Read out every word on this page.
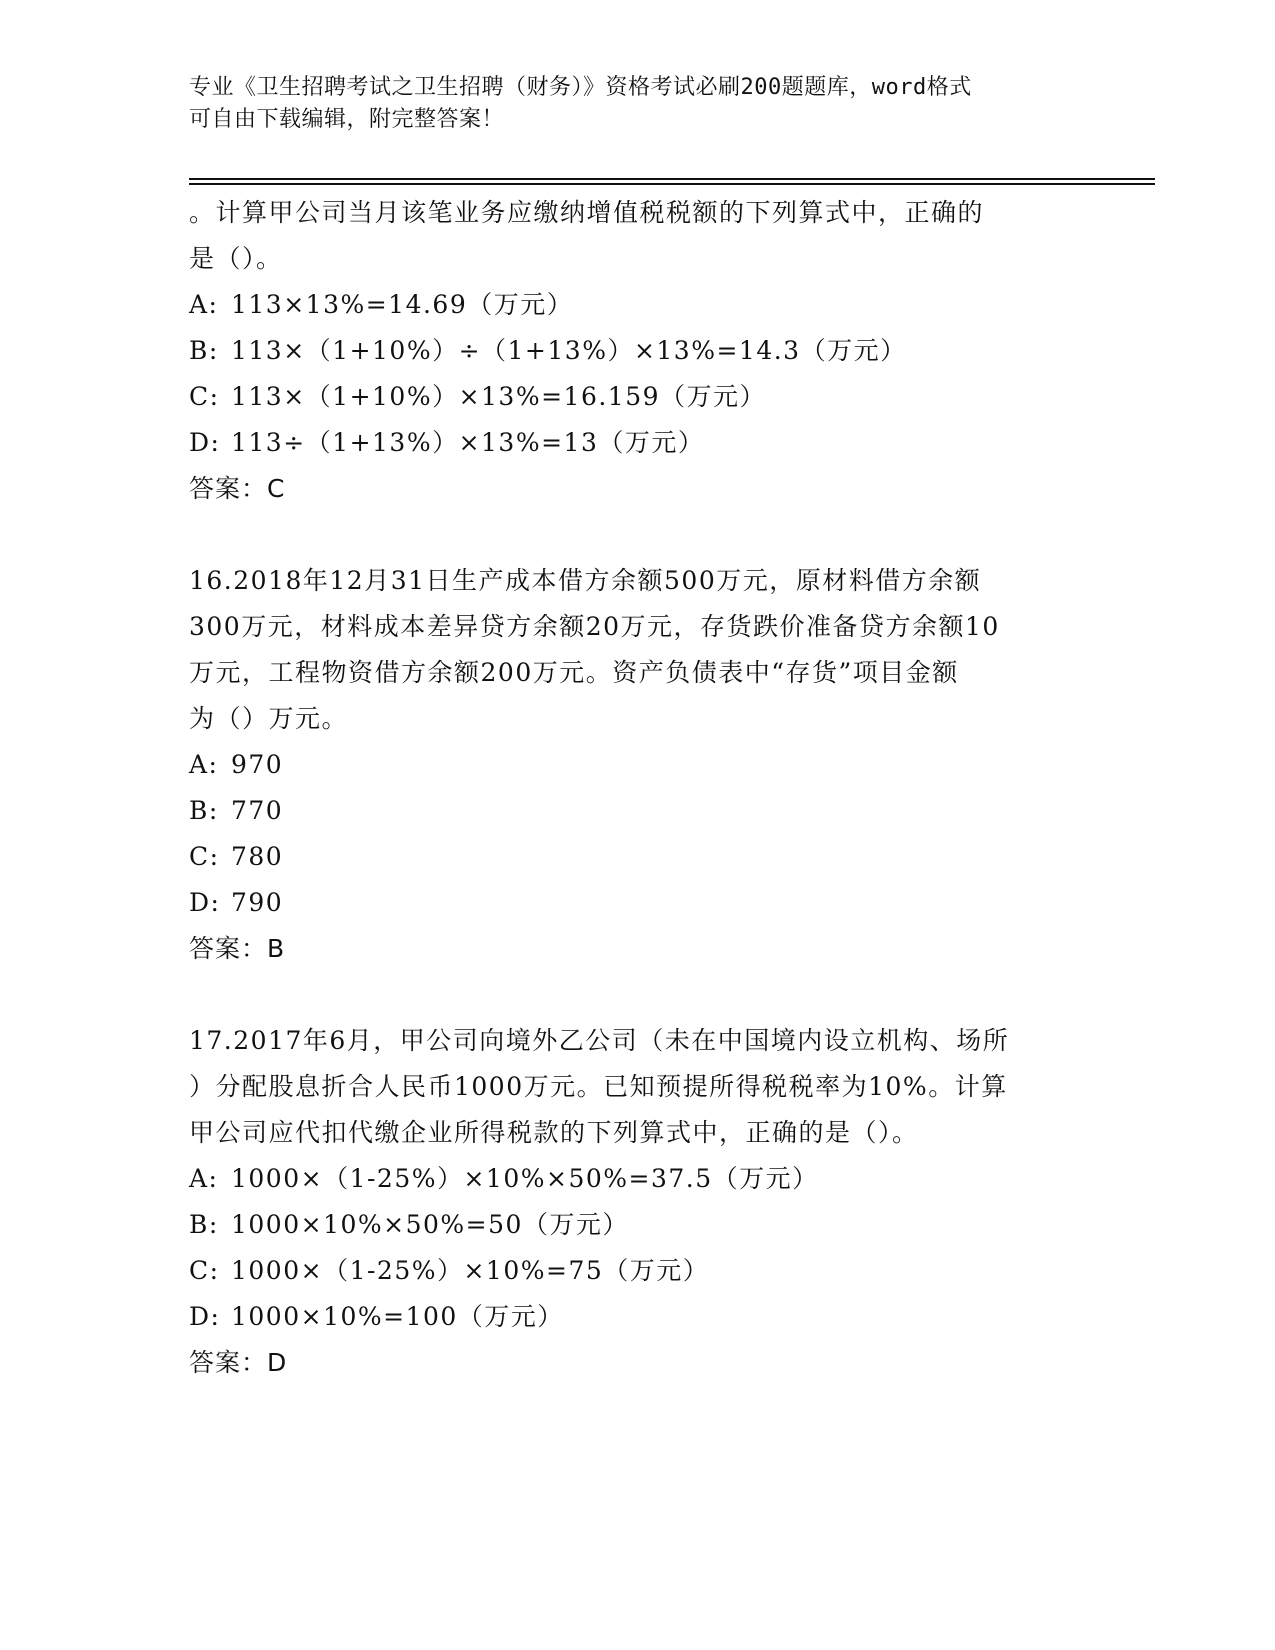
专业《卫生招聘考试之卫生招聘（财务）》资格考试必刷200题题库，word格式
可自由下载编辑，附完整答案！
。计算甲公司当月该笔业务应缴纳增值税税额的下列算式中，正确的
是（）。
A: 113×13%=14.69（万元）
B: 113×（1+10%）÷（1+13%）×13%=14.3（万元）
C: 113×（1+10%）×13%=16.159（万元）
D: 113÷（1+13%）×13%=13（万元）
答案：C
16.2018年12月31日生产成本借方余额500万元，原材料借方余额
300万元，材料成本差异贷方余额20万元，存货跌价准备贷方余额10
万元，工程物资借方余额200万元。资产负债表中“存货”项目金额
为（）万元。
A: 970
B: 770
C: 780
D: 790
答案：B
17.2017年6月，甲公司向境外乙公司（未在中国境内设立机构、场所
）分配股息折合人民币1000万元。已知预提所得税税率为10%。计算
甲公司应代扣代缴企业所得税款的下列算式中，正确的是（）。
A: 1000×（1-25%）×10%×50%=37.5（万元）
B: 1000×10%×50%=50（万元）
C: 1000×（1-25%）×10%=75（万元）
D: 1000×10%=100（万元）
答案：D
